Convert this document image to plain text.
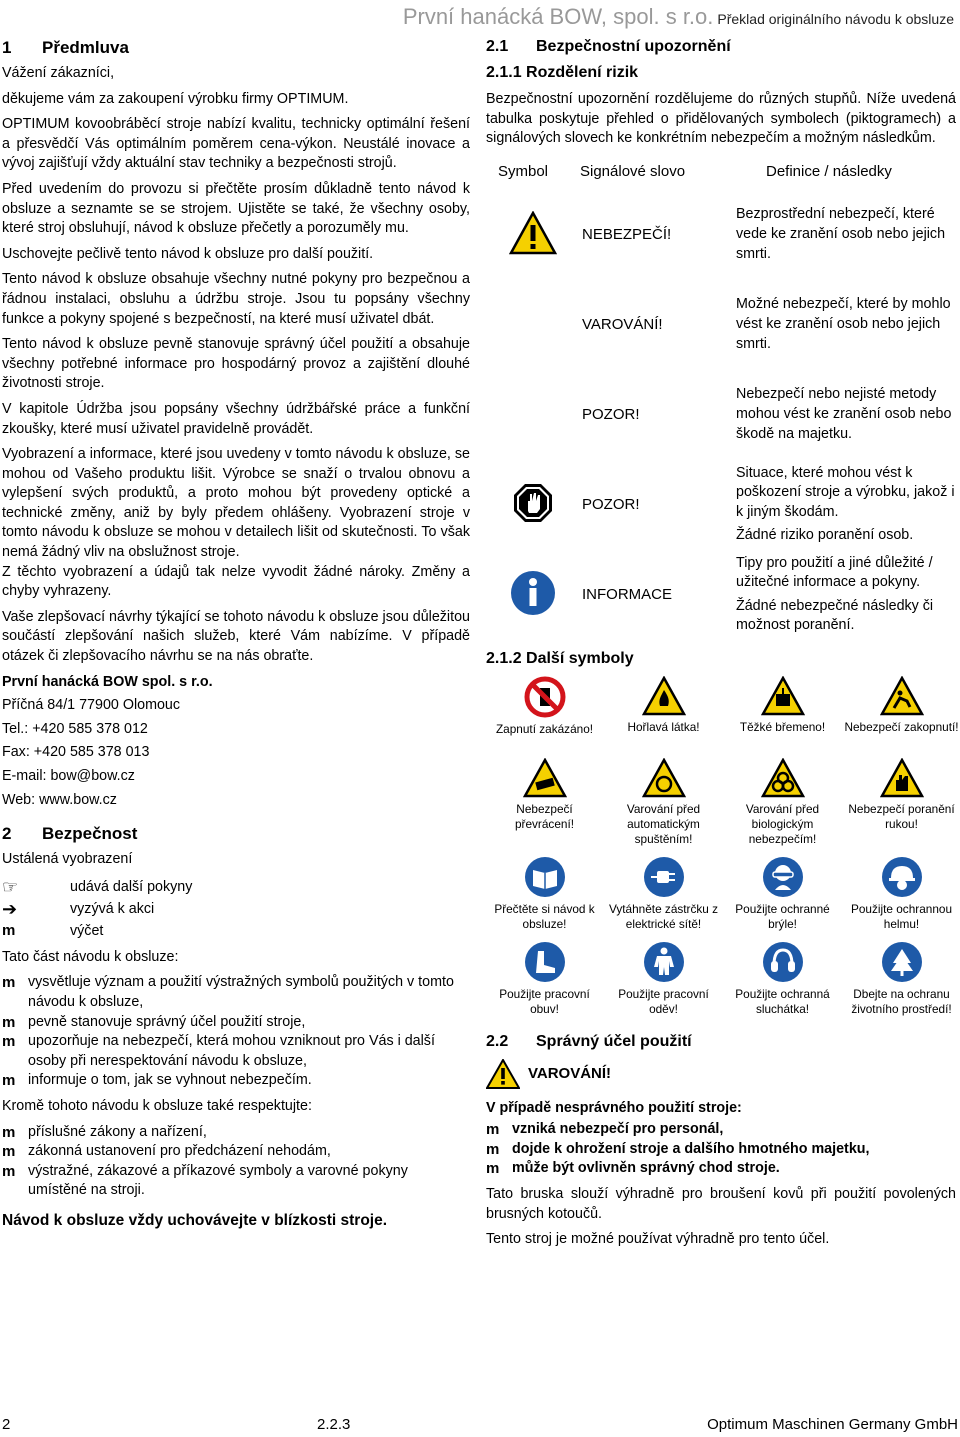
První hanácká BOW, spol. s r.o. Překlad originálního návodu k obsluze
1 Předmluva

Vážení zákazníci,

děkujeme vám za zakoupení výrobku firmy OPTIMUM.

OPTIMUM kovoobráběcí stroje nabízí kvalitu, technicky optimální řešení a přesvědčí Vás optimálním poměrem cena-výkon. Neustálé inovace a vývoj zajišťují vždy aktuální stav techniky a bezpečnosti strojů.

Před uvedením do provozu si přečtěte prosím důkladně tento návod k obsluze a seznamte se se strojem. Ujistěte se také, že všechny osoby, které stroj obsluhují, návod k obsluze přečetly a porozuměly mu.

Uschovejte pečlivě tento návod k obsluze pro další použití.

Tento návod k obsluze obsahuje všechny nutné pokyny pro bezpečnou a řádnou instalaci, obsluhu a údržbu stroje. Jsou tu popsány všechny funkce a pokyny spojené s bezpečností, na které musí uživatel dbát.

Tento návod k obsluze pevně stanovuje správný účel použití a obsahuje všechny potřebné informace pro hospodárný provoz a zajištění dlouhé životnosti stroje.

V kapitole Údržba jsou popsány všechny údržbářské práce a funkční zkoušky, které musí uživatel pravidelně provádět.

Vyobrazení a informace, které jsou uvedeny v tomto návodu k obsluze, se mohou od Vašeho produktu lišit. Výrobce se snaží o trvalou obnovu a vylepšení svých produktů, a proto mohou být provedeny optické a technické změny, aniž by byly předem ohlášeny. Vyobrazení stroje v tomto návodu k obsluze se mohou v detailech lišit od skutečnosti. To však nemá žádný vliv na obslužnost stroje.

Z těchto vyobrazení a údajů tak nelze vyvodit žádné nároky. Změny a chyby vyhrazeny.

Vaše zlepšovací návrhy týkající se tohoto návodu k obsluze jsou důležitou součástí zlepšování našich služeb, které Vám nabízíme. V případě otázek či zlepšovacího návrhu se na nás obraťte.

První hanácká BOW spol. s r.o.

Příčná 84/1 77900 Olomouc

Tel.: +420 585 378 012

Fax: +420 585 378 013

E-mail: bow@bow.cz

Web: www.bow.cz

2 Bezpečnost

Ustálená vyobrazení

☞	udává další pokyny
➔	vyzývá k akci
m	výčet

Tato část návodu k obsluze:

m vysvětluje význam a použití výstražných symbolů použitých v tomto návodu k obsluze,
m pevně stanovuje správný účel použití stroje,
m upozorňuje na nebezpečí, která mohou vzniknout pro Vás i další osoby při nerespektování návodu k obsluze,
m informuje o tom, jak se vyhnout nebezpečím.

Kromě tohoto návodu k obsluze také respektujte:

m příslušné zákony a nařízení,
m zákonná ustanovení pro předcházení nehodám,
m výstražné, zákazové a příkazové symboly a varovné pokyny umístěné na stroji.

Návod k obsluze vždy uchovávejte v blízkosti stroje.

2.1 Bezpečnostní upozornění
2.1.1 Rozdělení rizik

Bezpečnostní upozornění rozdělujeme do různých stupňů. Níže uvedená tabulka poskytuje přehled o přidělovaných symbolech (piktogramech) a signálových slovech ke konkrétním nebezpečím a možným následkům.

Symbol	Signálové slovo	Definice / následky
	NEBEZPEČÍ!	Bezprostřední nebezpečí, které vede ke zranění osob nebo jejich smrti.

	VAROVÁNÍ!	Možné nebezpečí, které by mohlo vést ke zranění osob nebo jejich smrti.

	POZOR!	Nebezpečí nebo nejisté metody mohou vést ke zranění osob nebo škodě na majetku.

	POZOR!	Situace, které mohou vést k poškození stroje a výrobku, jakož i k jiným škodám.
Žádné riziko poranění osob.

	INFORMACE	Tipy pro použití a jiné důležité / užitečné informace a pokyny.
Žádné nebezpečné následky či možnost poranění.
2.1.2 Další symboly
Zapnutí zakázáno!	Hořlavá látka!	Těžké břemeno!	Nebezpečí zakopnutí!
Nebezpečí převrácení!
Varování před automatickým spuštěním!
Varování před biologickým nebezpečím!
Nebezpečí poranění rukou!
Přečtěte si návod k obsluze!
Vytáhněte zástrčku z elektrické sítě!
Použijte ochranné brýle!
Použijte ochrannou helmu!
Použijte pracovní obuv!
Použijte pracovní oděv!
Použijte ochranná sluchátka!
Dbejte na ochranu životního prostředí!
2.2 Správný účel použití
VAROVÁNÍ!

V případě nesprávného použití stroje:

m vzniká nebezpečí pro personál,
m dojde k ohrožení stroje a dalšího hmotného majetku,
m může být ovlivněn správný chod stroje.

Tato bruska slouží výhradně pro broušení kovů při použití povolených brusných kotoučů.

Tento stroj je možné používat výhradně pro tento účel.

2	2.2.3	Optimum Maschinen Germany GmbH
